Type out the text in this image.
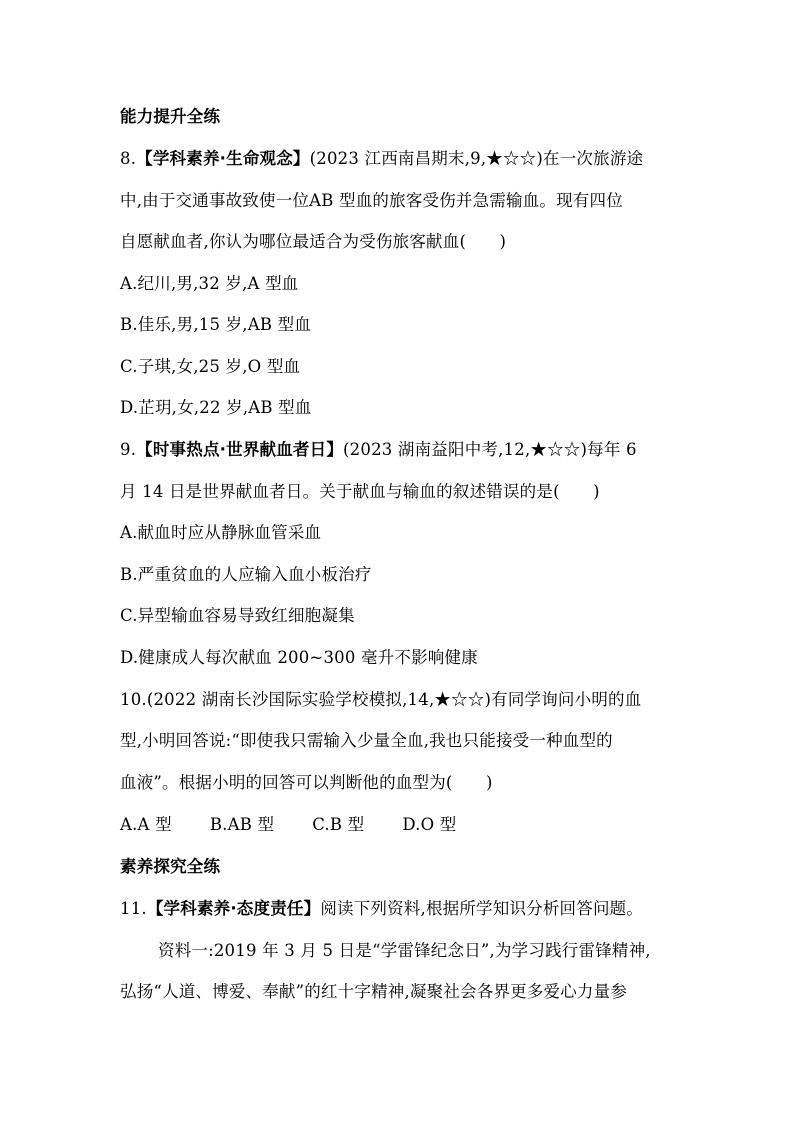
能力提升全练
8.【学科素养·生命观念】(2023 江西南昌期末,9,★☆☆)在一次旅游途
中,由于交通事故致使一位AB 型血的旅客受伤并急需输血。现有四位
自愿献血者,你认为哪位最适合为受伤旅客献血(　　)
A.纪川,男,32 岁,A 型血
B.佳乐,男,15 岁,AB 型血
C.子琪,女,25 岁,O 型血
D.芷玥,女,22 岁,AB 型血
9.【时事热点·世界献血者日】(2023 湖南益阳中考,12,★☆☆)每年 6
月 14 日是世界献血者日。关于献血与输血的叙述错误的是(　　)
A.献血时应从静脉血管采血
B.严重贫血的人应输入血小板治疗
C.异型输血容易导致红细胞凝集
D.健康成人每次献血 200~300 毫升不影响健康
10.(2022 湖南长沙国际实验学校模拟,14,★☆☆)有同学询问小明的血
型,小明回答说:“即使我只需输入少量全血,我也只能接受一种血型的
血液”。根据小明的回答可以判断他的血型为(　　)
A.A 型 B.AB 型 C.B 型 D.O 型
素养探究全练
11.【学科素养·态度责任】阅读下列资料,根据所学知识分析回答问题。
资料一:2019 年 3 月 5 日是“学雷锋纪念日”,为学习践行雷锋精神,
弘扬“人道、博爱、奉献”的红十字精神,凝聚社会各界更多爱心力量参
